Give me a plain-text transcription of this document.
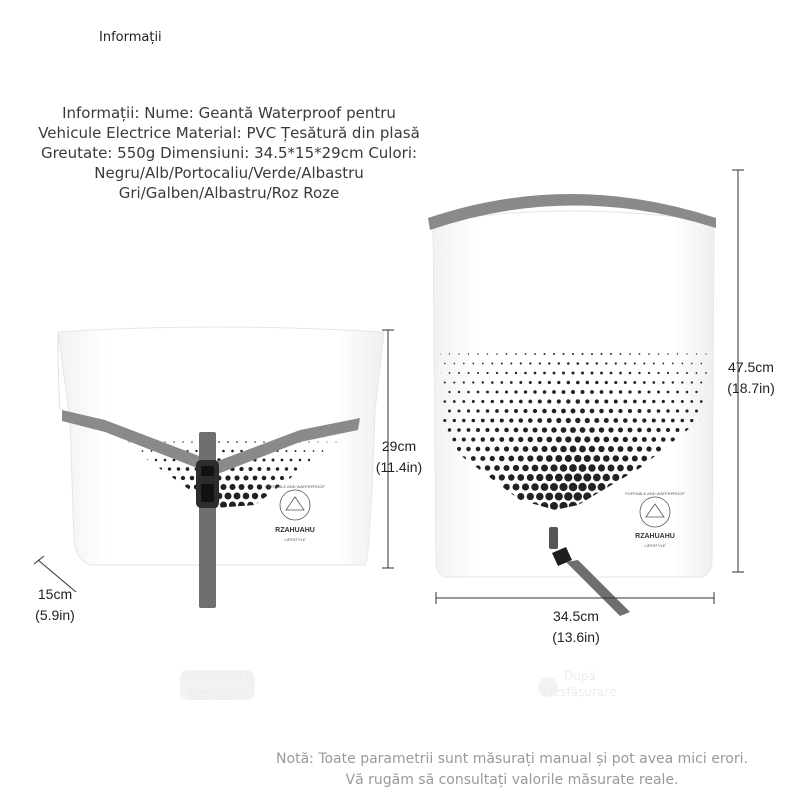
Informații
Informații: Nume: Geantă Waterproof pentru
Vehicule Electrice Material: PVC Țesătură din plasă
Greutate: 550g Dimensiuni: 34.5*15*29cm Culori:
Negru/Alb/Portocaliu/Verde/Albastru
Gri/Galben/Albastru/Roz Roze
RZAHUAHU
LIFESTYLE
PORTABLE AND WATERPROOF
RZAHUAHU
LIFESTYLE
PORTABLE AND WATERPROOF
29cm
(11.4in)
15cm
(5.9in)
47.5cm
(18.7in)
34.5cm
(13.6in)
Înainte de a
desfășura
După
Desfășurare
Notă: Toate parametrii sunt măsurați manual și pot avea mici erori.
Vă rugăm să consultați valorile măsurate reale.
